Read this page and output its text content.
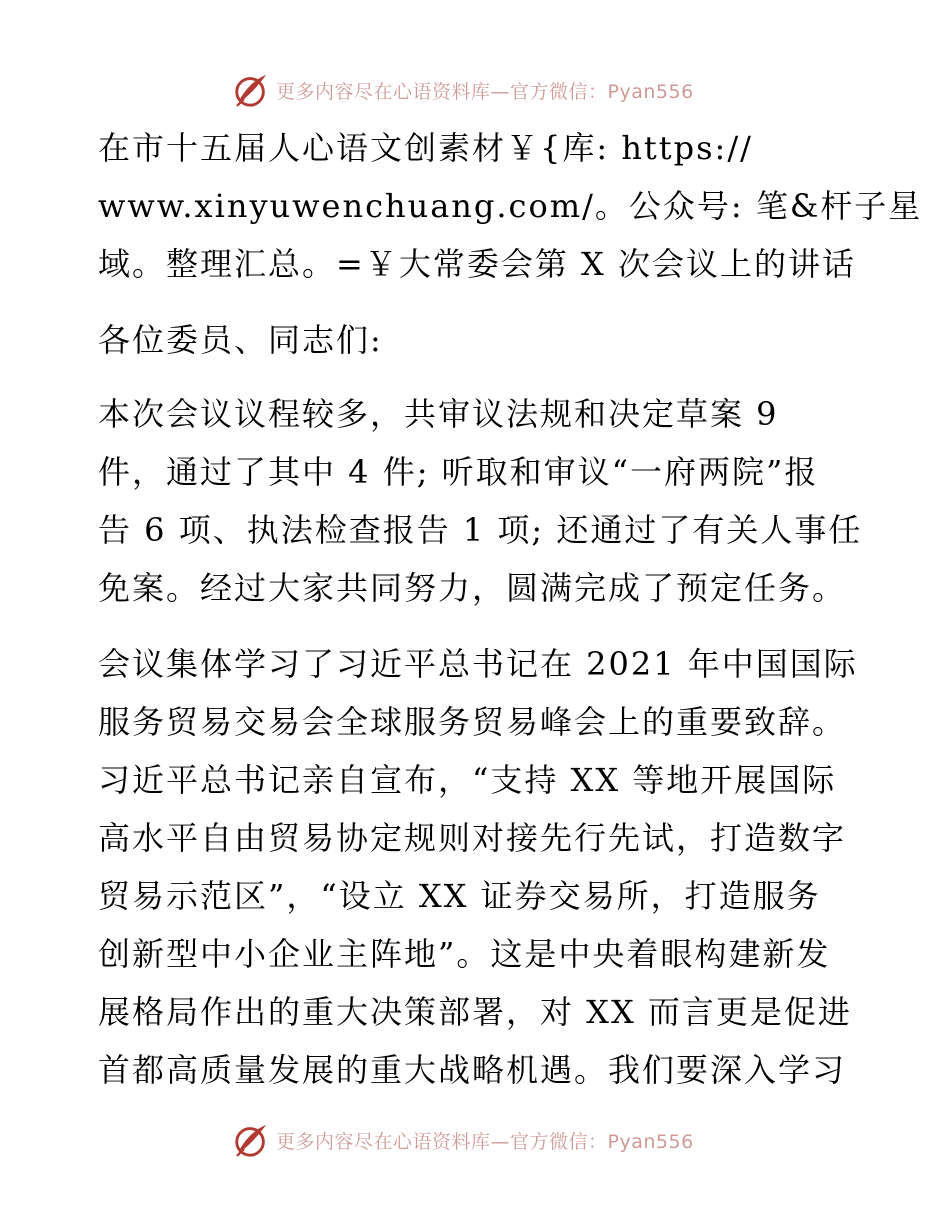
更多内容尽在心语资料库—官方微信：Pyan556
在市十五届人心语文创素材￥{库: https://
www.xinyuwenchuang.com/。公众号: 笔&杆子星
域。整理汇总。=￥大常委会第 X 次会议上的讲话
各位委员、同志们:
本次会议议程较多，共审议法规和决定草案 9
件，通过了其中 4 件; 听取和审议“一府两院”报
告 6 项、执法检查报告 1 项; 还通过了有关人事任
免案。经过大家共同努力，圆满完成了预定任务。
会议集体学习了习近平总书记在 2021 年中国国际
服务贸易交易会全球服务贸易峰会上的重要致辞。
习近平总书记亲自宣布，“支持 XX 等地开展国际
高水平自由贸易协定规则对接先行先试，打造数字
贸易示范区”，“设立 XX 证券交易所，打造服务
创新型中小企业主阵地”。这是中央着眼构建新发
展格局作出的重大决策部署，对 XX 而言更是促进
首都高质量发展的重大战略机遇。我们要深入学习
更多内容尽在心语资料库—官方微信：Pyan556
